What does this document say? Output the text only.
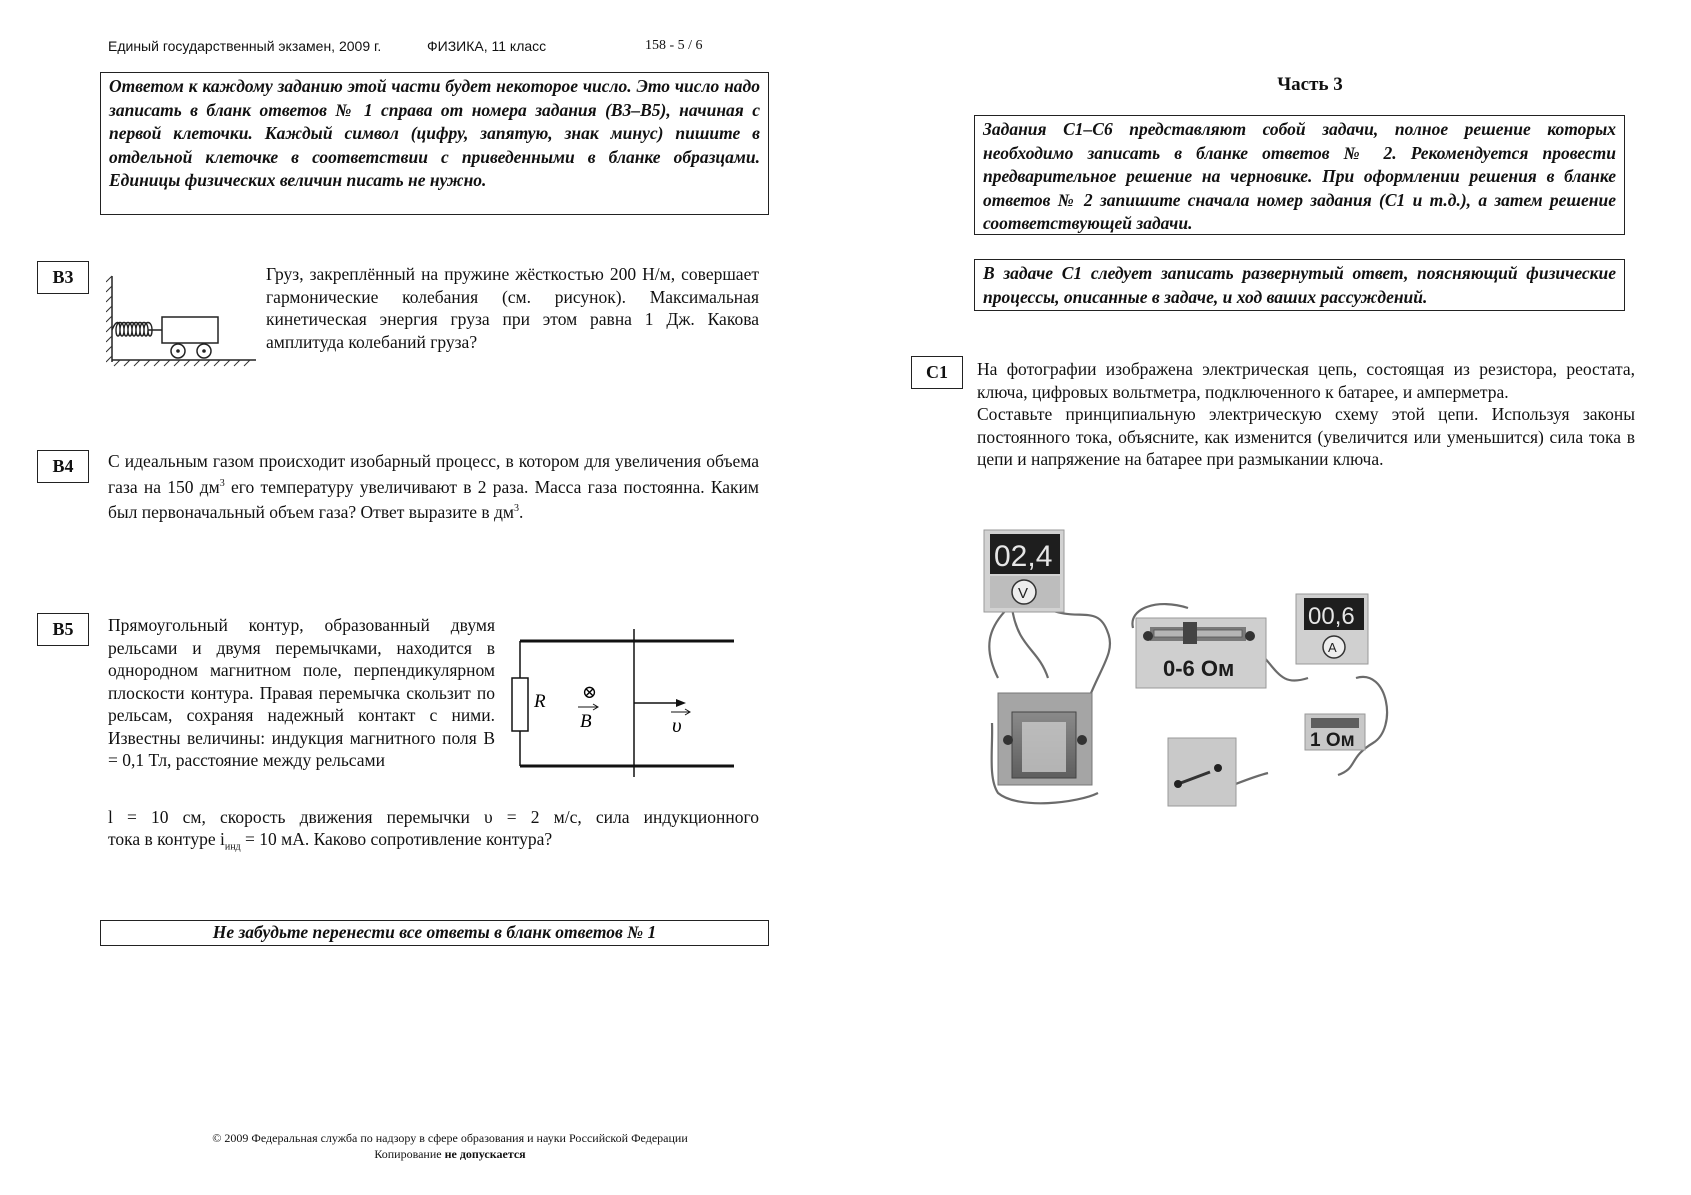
Единый государственный экзамен, 2009 г.	ФИЗИКА, 11 класс	158 - 5 / 6
Ответом к каждому заданию этой части будет некоторое число. Это число надо записать в бланк ответов № 1 справа от номера задания (В3–В5), начиная с первой клеточки. Каждый символ (цифру, запятую, знак минус) пишите в отдельной клеточке в соответствии с приведенными в бланке образцами. Единицы физических величин писать не нужно.
В3	Груз, закреплённый на пружине жёсткостью 200 Н/м, совершает гармонические колебания (см. рисунок). Максимальная кинетическая энергия груза при этом равна 1 Дж. Какова амплитуда колебаний груза?
В4	С идеальным газом происходит изобарный процесс, в котором для увеличения объема газа на 150 $дм^3$ его температуру увеличивают в 2 раза. Масса газа постоянна. Каким был первоначальный объем газа? Ответ выразите в $дм^3$.
В5	Прямоугольный контур, образованный двумя рельсами и двумя перемычками, находится в однородном магнитном поле, перпендикулярном плоскости контура. Правая перемычка скользит по рельсам, сохраняя надежный контакт с ними. Известны величины: индукция магнитного поля B = 0,1 Тл, расстояние между рельсами
l = 10 см, скорость движения перемычки υ = 2 м/с, сила индукционного
тока в контуре $i_{инд} = 10$ мА. Каково сопротивление контура?
R ⊗
B	υ
Не забудьте перенести все ответы в бланк ответов № 1
© 2009 Федеральная служба по надзору в сфере образования и науки Российской Федерации
Копирование не допускается
Часть 3
Задания С1–С6 представляют собой задачи, полное решение которых необходимо записать в бланке ответов № 2. Рекомендуется провести предварительное решение на черновике. При оформлении решения в бланке ответов № 2 запишите сначала номер задания (С1 и т.д.), а затем решение соответствующей задачи.
В задаче С1 следует записать развернутый ответ, поясняющий физические процессы, описанные в задаче, и ход ваших рассуждений.
С1	На фотографии изображена электрическая цепь, состоящая из резистора, реостата, ключа, цифровых вольтметра, подключенного к батарее, и амперметра.
Составьте принципиальную электрическую схему этой цепи. Используя законы постоянного тока, объясните, как изменится (увеличится или уменьшится) сила тока в цепи и напряжение на батарее при размыкании ключа.
02,4
V
0-6 Ом
00,6
A
1 Ом
